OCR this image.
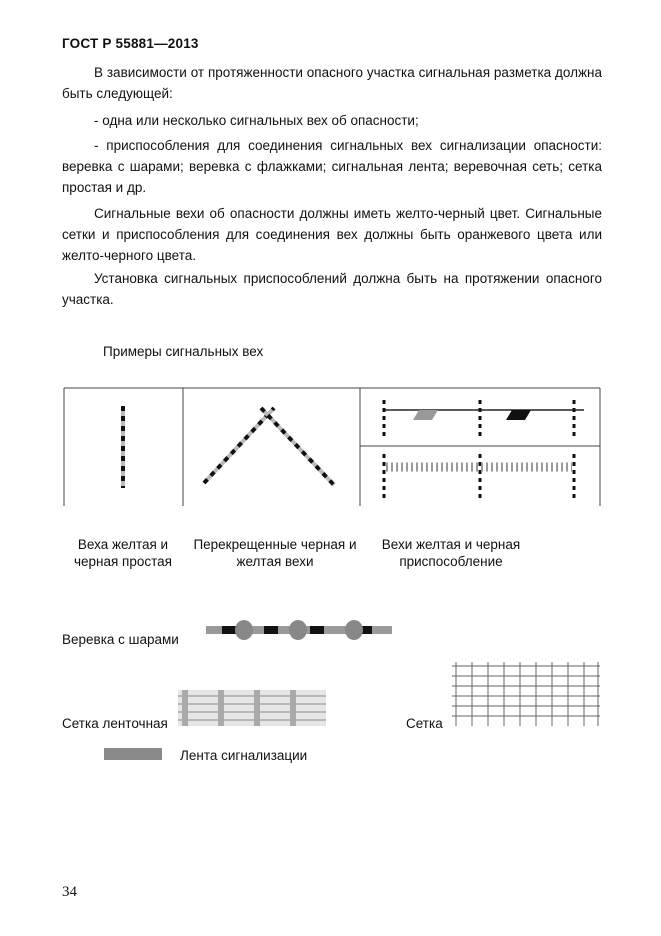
ГОСТ Р 55881—2013
В зависимости от протяженности опасного участка сигнальная разметка должна быть следующей:
- одна или несколько сигнальных вех об опасности;
- приспособления для соединения сигнальных вех сигнализации опасности: веревка с шарами; веревка с флажками; сигнальная лента; веревочная сеть; сетка простая и др.
Сигнальные вехи об опасности должны иметь желто-черный цвет. Сигнальные сетки и приспособления для соединения вех должны быть оранжевого цвета или желто-черного цвета.
Установка сигнальных приспособлений должна быть на протяжении опасного участка.
Примеры сигнальных вех
Веха желтая и черная простая
Перекрещенные черная и желтая вехи
Вехи желтая и черная приспособление
Веревка с шарами
Сетка ленточная	Сетка
Лента сигнализации
34
